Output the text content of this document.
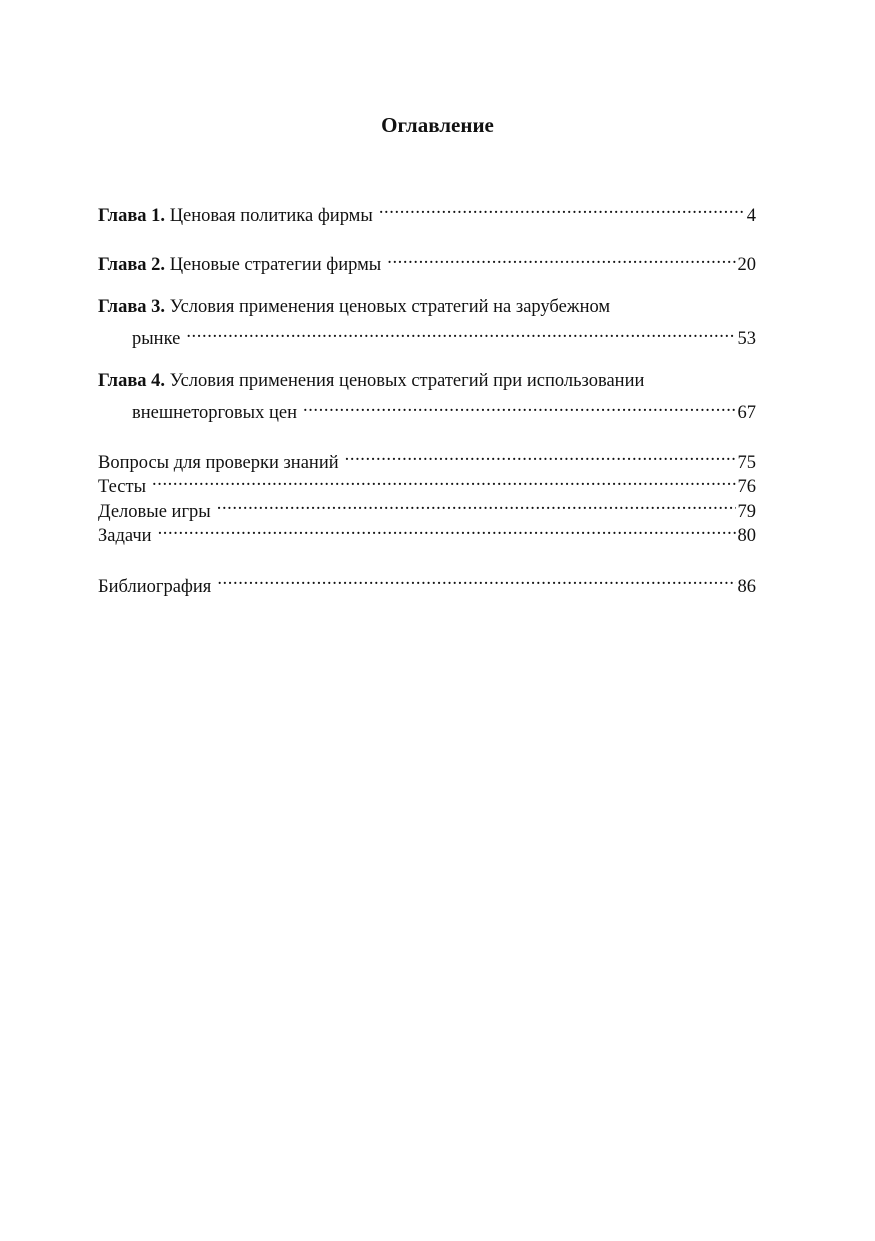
Оглавление
Глава 1. Ценовая политика фирмы .....	4
Глава 2. Ценовые стратегии фирмы .....	20
Глава 3. Условия применения ценовых стратегий на зарубежном
рынке .....	53
Глава 4. Условия применения ценовых стратегий при использовании
внешнеторговых цен .....	67
Вопросы для проверки знаний .....	75
Тесты .....	76
Деловые игры .....	79
Задачи .....	80
Библиография .....	86
